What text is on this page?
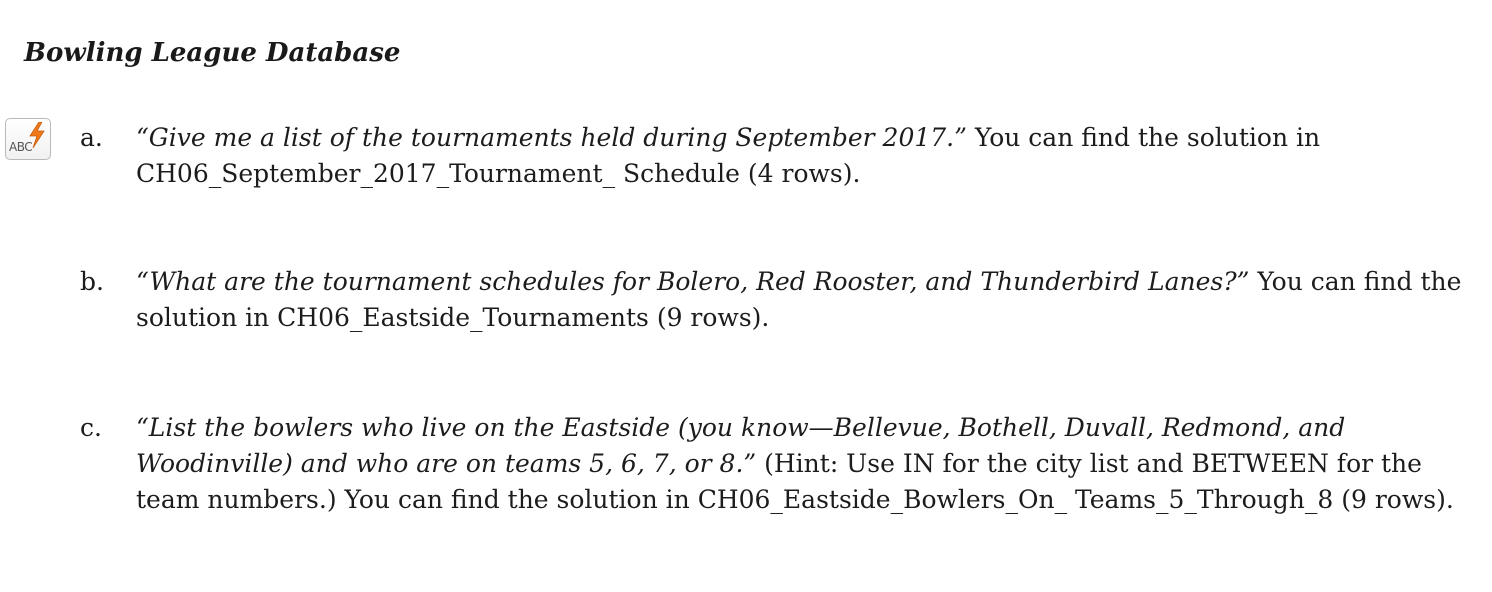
Bowling League Database
ABC a. “Give me a list of the tournaments held during September 2017.” You can find the solution in CH06_September_2017_Tournament_ Schedule (4 rows).

b. “What are the tournament schedules for Bolero, Red Rooster, and Thunderbird Lanes?” You can find the solution in CH06_Eastside_Tournaments (9 rows).

c. “List the bowlers who live on the Eastside (you know—Bellevue, Bothell, Duvall, Redmond, and Woodinville) and who are on teams 5, 6, 7, or 8.” (Hint: Use IN for the city list and BETWEEN for the team numbers.) You can find the solution in CH06_Eastside_Bowlers_On_ Teams_5_Through_8 (9 rows).
